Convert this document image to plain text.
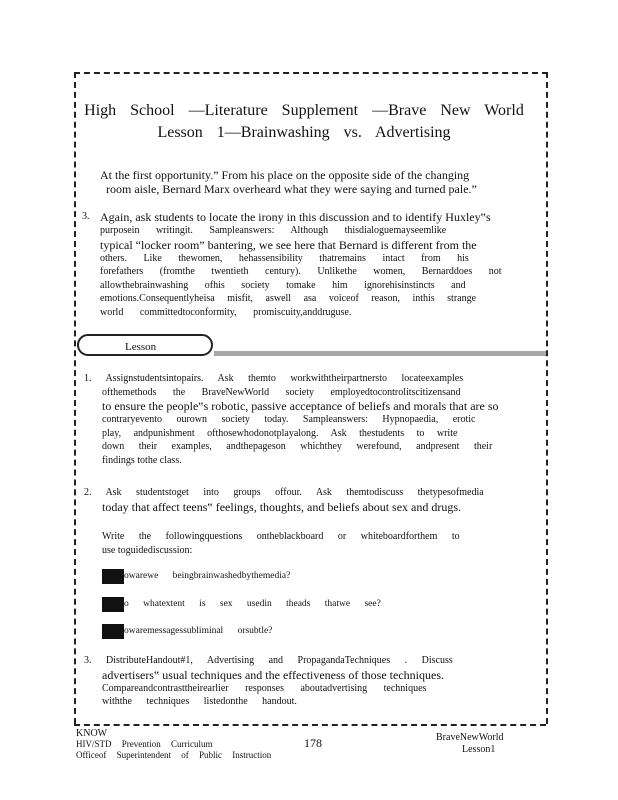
High School —Literature Supplement —Brave New World
Lesson 1—Brainwashing vs. Advertising
At the first opportunity.” From his place on the opposite side of the changing
room aisle, Bernard Marx overheard what they were saying and turned pale.”
3. Again, ask students to locate the irony in this discussion and to identify Huxley‟s
purposein writingit. Sampleanswers: Although thisdialoguemayseemlike
typical “locker room” bantering, we see here that Bernard is different from the
others. Like thewomen, hehassensibility thatremains intact from his
forefathers (fromthe twentieth century). Unlikethe women, Bernarddoes not
allowthebrainwashing ofhis society tomake him ignorehisinstincts and
emotions.Consequentlyheisa misfit, aswell asa voiceof reason, inthis strange
world committedtoconformity, promiscuity,anddruguse.
Lesson
1. Assignstudentsintopairs. Ask themto workwiththeirpartnersto locateexamples
ofthemethods the BraveNewWorld society employedtocontrolitscitizensand
to ensure the people‟s robotic, passive acceptance of beliefs and morals that are so
contraryevento ourown society today. Sampleanswers: Hypnopaedia, erotic
play, andpunishment ofthosewhodonotplayalong. Ask thestudents to write
down their examples, andthepageson whichthey werefound, andpresent their
findings tothe class.
2. Ask studentstoget into groups offour. Ask themtodiscuss thetypesofmedia
today that affect teens‟ feelings, thoughts, and beliefs about sex and drugs.
Write the followingquestions ontheblackboard or whiteboardforthem to
use toguidediscussion:
owarewe beingbrainwashedbythemedia?
o whatextent is sex usedin theads thatwe see?
owaremessagessubliminal orsubtle?
3. DistributeHandout#1, Advertising and PropagandaTechniques . Discuss
advertisers‟ usual techniques and the effectiveness of those techniques.
Compareandcontrasttheirearlier responses aboutadvertising techniques
withthe techniques listedonthe handout.
KNOW
HIV/STD Prevention Curriculum
Officeof Superintendent of Public Instruction
178	BraveNewWorld
Lesson1
